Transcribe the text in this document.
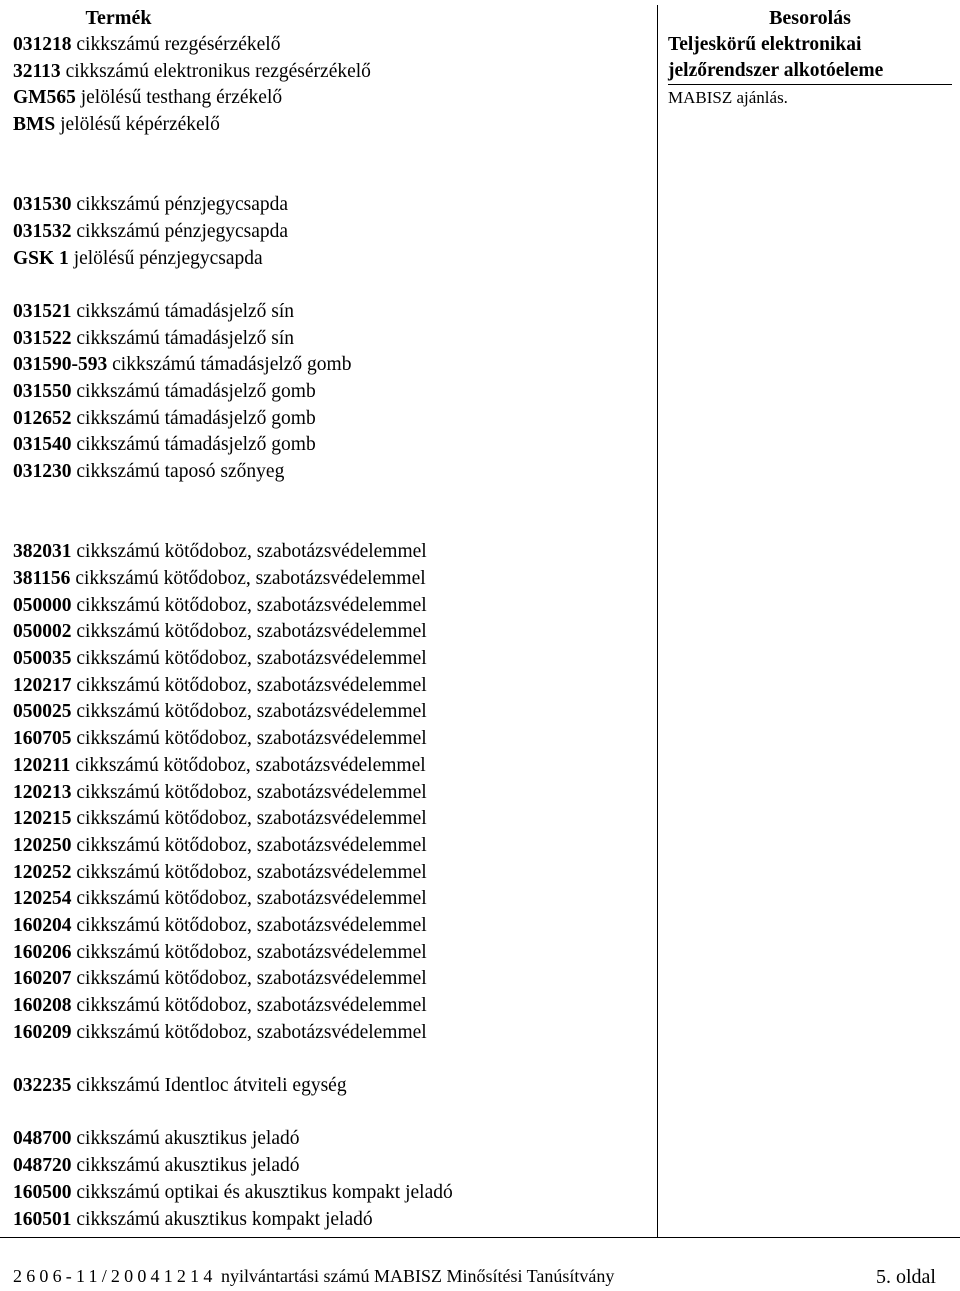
Termék
031218 cikkszámú rezgésérzékelő
32113 cikkszámú elektronikus rezgésérzékelő
GM565 jelölésű testhang érzékelő
BMS jelölésű képérzékelő
031530 cikkszámú pénzjegycsapda
031532 cikkszámú pénzjegycsapda
GSK 1 jelölésű pénzjegycsapda
031521 cikkszámú támadásjelző sín
031522 cikkszámú támadásjelző sín
031590-593 cikkszámú támadásjelző gomb
031550 cikkszámú támadásjelző gomb
012652 cikkszámú támadásjelző gomb
031540 cikkszámú támadásjelző gomb
031230 cikkszámú taposó szőnyeg
382031 cikkszámú kötődoboz, szabotázsvédelemmel
381156 cikkszámú kötődoboz, szabotázsvédelemmel
050000 cikkszámú kötődoboz, szabotázsvédelemmel
050002 cikkszámú kötődoboz, szabotázsvédelemmel
050035 cikkszámú kötődoboz, szabotázsvédelemmel
120217 cikkszámú kötődoboz, szabotázsvédelemmel
050025 cikkszámú kötődoboz, szabotázsvédelemmel
160705 cikkszámú kötődoboz, szabotázsvédelemmel
120211 cikkszámú kötődoboz, szabotázsvédelemmel
120213 cikkszámú kötődoboz, szabotázsvédelemmel
120215 cikkszámú kötődoboz, szabotázsvédelemmel
120250 cikkszámú kötődoboz, szabotázsvédelemmel
120252 cikkszámú kötődoboz, szabotázsvédelemmel
120254 cikkszámú kötődoboz, szabotázsvédelemmel
160204 cikkszámú kötődoboz, szabotázsvédelemmel
160206 cikkszámú kötődoboz, szabotázsvédelemmel
160207 cikkszámú kötődoboz, szabotázsvédelemmel
160208 cikkszámú kötődoboz, szabotázsvédelemmel
160209 cikkszámú kötődoboz, szabotázsvédelemmel
032235 cikkszámú Identloc átviteli egység
048700 cikkszámú akusztikus jeladó
048720 cikkszámú akusztikus jeladó
160500 cikkszámú optikai és akusztikus kompakt jeladó
160501 cikkszámú akusztikus kompakt jeladó
Besorolás
Teljeskörű elektronikai
jelzőrendszer alkotóeleme
MABISZ ajánlás.
2606-11/20041214 nyilvántartási számú MABISZ Minősítési Tanúsítvány	5. oldal
